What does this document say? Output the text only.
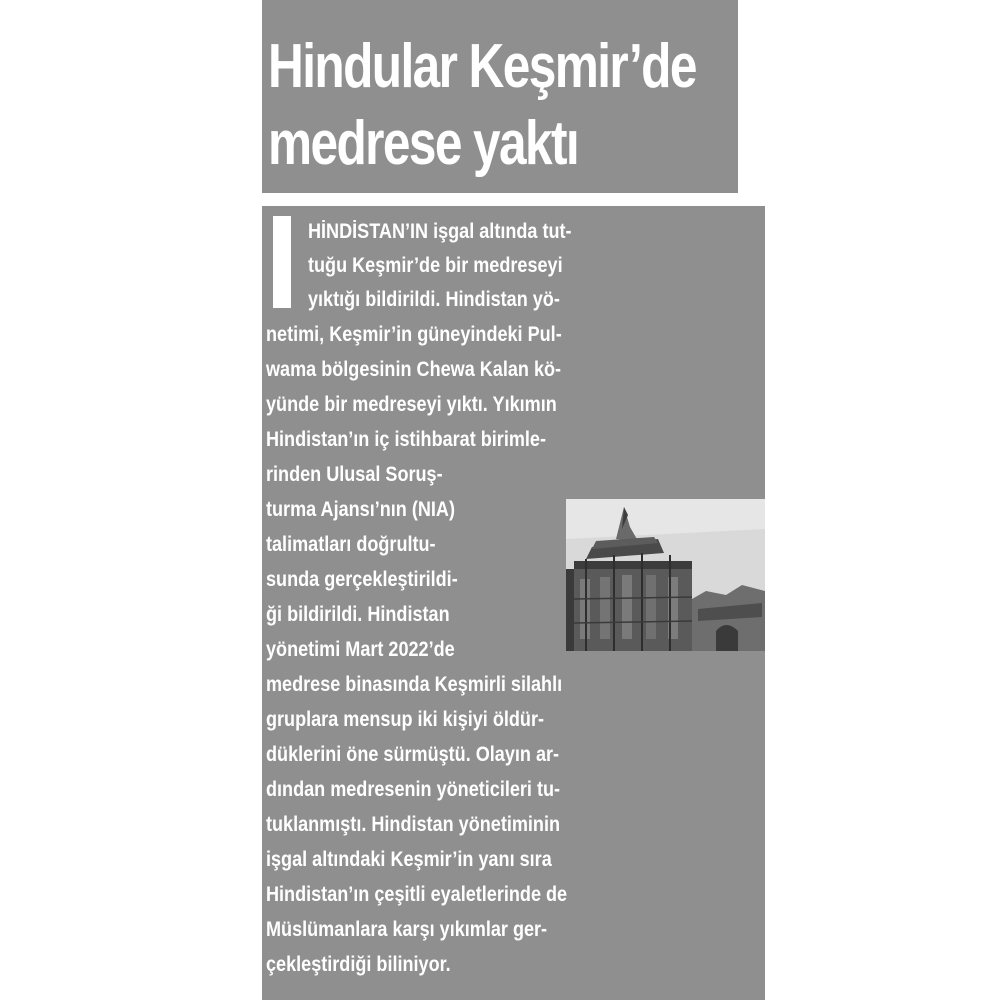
Hindular Keşmir’de
medrese yaktı
HİNDİSTAN’IN işgal altında tut-
tuğu Keşmir’de bir medreseyi
yıktığı bildirildi. Hindistan yö-
netimi, Keşmir’in güneyindeki Pul-
wama bölgesinin Chewa Kalan kö-
yünde bir medreseyi yıktı. Yıkımın
Hindistan’ın iç istihbarat birimle-
rinden Ulusal Soruş-
turma Ajansı’nın (NIA)
talimatları doğrultu-
sunda gerçekleştirildi-
ği bildirildi. Hindistan
yönetimi Mart 2022’de
medrese binasında Keşmirli silahlı
gruplara mensup iki kişiyi öldür-
düklerini öne sürmüştü. Olayın ar-
dından medresenin yöneticileri tu-
tuklanmıştı. Hindistan yönetiminin
işgal altındaki Keşmir’in yanı sıra
Hindistan’ın çeşitli eyaletlerinde de
Müslümanlara karşı yıkımlar ger-
çekleştirdiği biliniyor.
